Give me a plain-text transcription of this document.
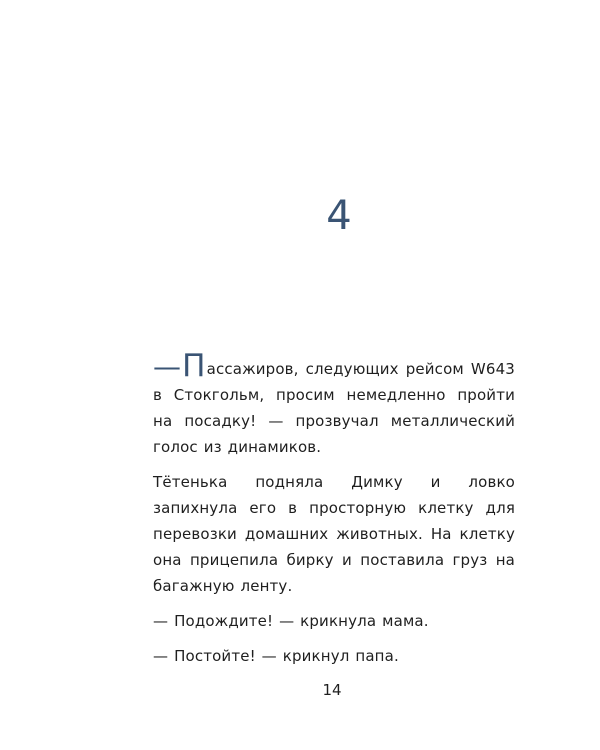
4

—Пассажиров, следующих рейсом W643 в Стокгольм, просим немедленно пройти на посадку! — прозвучал металлический голос из динамиков.

Тётенька подняла Димку и ловко запихнула его в просторную клетку для перевозки домашних животных. На клетку она прицепила бирку и поставила груз на багажную ленту.

— Подождите! — крикнула мама.

— Постойте! — крикнул папа.

14
